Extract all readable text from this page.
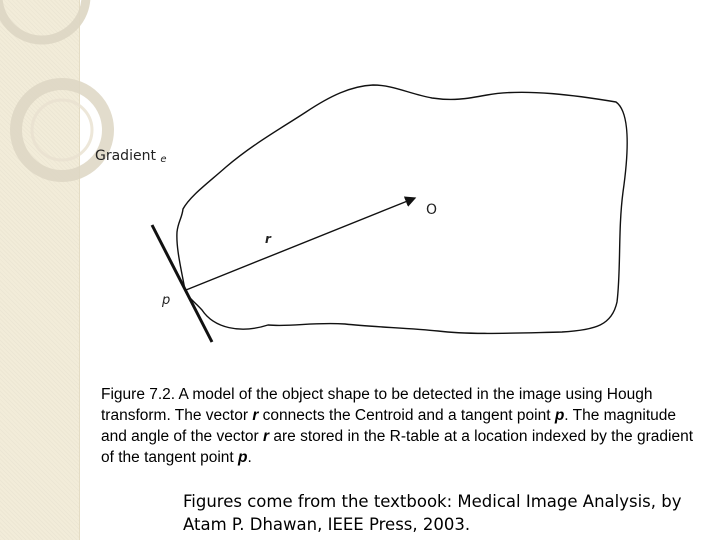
Gradient e
O
r
p

Figure 7.2. A model of the object shape to be detected in the image using Hough transform. The vector r connects the Centroid and a tangent point p. The magnitude and angle of the vector r are stored in the R-table at a location indexed by the gradient of the tangent point p.

Figures come from the textbook: Medical Image Analysis, by Atam P. Dhawan, IEEE Press, 2003.
